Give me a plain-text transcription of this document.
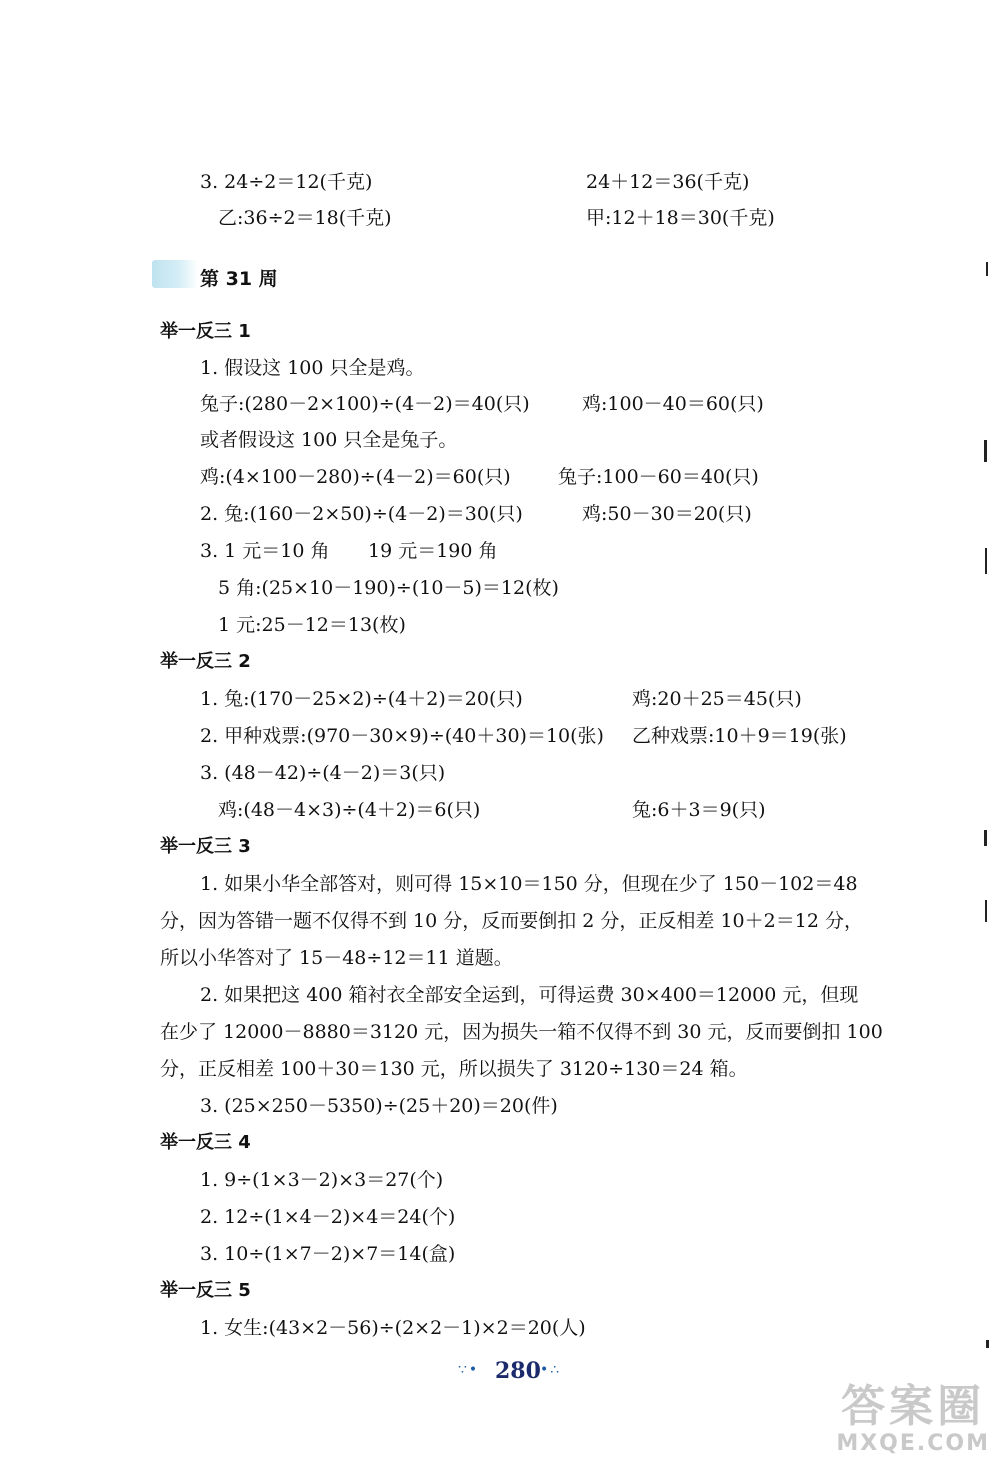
3. 24÷2＝12(千克)	24＋12＝36(千克)
乙:36÷2＝18(千克)	甲:12＋18＝30(千克)
第 31 周
举一反三 1
1. 假设这 100 只全是鸡。
兔子:(280－2×100)÷(4－2)＝40(只)	鸡:100－40＝60(只)
或者假设这 100 只全是兔子。
鸡:(4×100－280)÷(4－2)＝60(只) 兔子:100－60＝40(只)
2. 兔:(160－2×50)÷(4－2)＝30(只)	鸡:50－30＝20(只)
3. 1 元＝10 角 19 元＝190 角
5 角:(25×10－190)÷(10－5)＝12(枚)
1 元:25－12＝13(枚)
举一反三 2
1. 兔:(170－25×2)÷(4＋2)＝20(只)	鸡:20＋25＝45(只)
2. 甲种戏票:(970－30×9)÷(40＋30)＝10(张) 乙种戏票:10＋9＝19(张)
3. (48－42)÷(4－2)＝3(只)
鸡:(48－4×3)÷(4＋2)＝6(只)	兔:6＋3＝9(只)
举一反三 3
1. 如果小华全部答对，则可得 15×10＝150 分，但现在少了 150－102＝48
分，因为答错一题不仅得不到 10 分，反而要倒扣 2 分，正反相差 10＋2＝12 分，
所以小华答对了 15－48÷12＝11 道题。
2. 如果把这 400 箱衬衣全部安全运到，可得运费 30×400＝12000 元，但现
在少了 12000－8880＝3120 元，因为损失一箱不仅得不到 30 元，反而要倒扣 100
分，正反相差 100＋30＝130 元，所以损失了 3120÷130＝24 箱。
3. (25×250－5350)÷(25＋20)＝20(件)
举一反三 4
1. 9÷(1×3－2)×3＝27(个)
2. 12÷(1×4－2)×4＝24(个)
3. 10÷(1×7－2)×7＝14(盒)
举一反三 5
1. 女生:(43×2－56)÷(2×2－1)×2＝20(人)
∵• 280 •∴
答案圈
MXQE.COM
